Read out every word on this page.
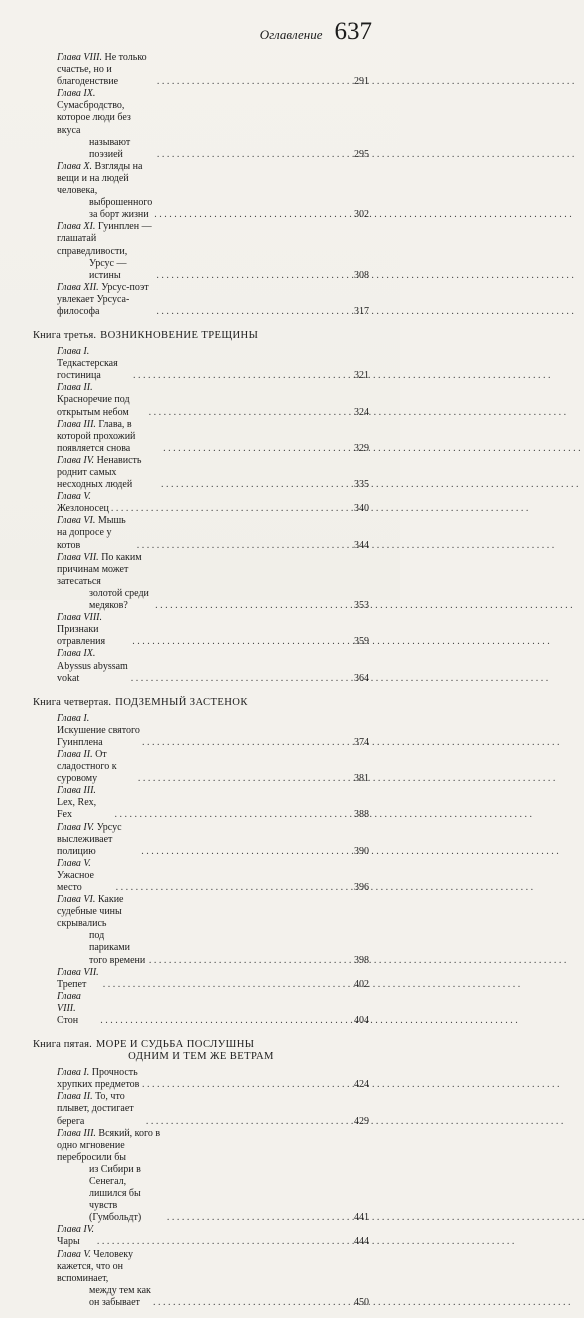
Оглавление 637
Глава VIII. Не только счастье, но и благоденствие . . .	291
Глава IX. Сумасбродство, которое люди без вкуса
называют поэзией . . .	295
Глава X. Взгляды на вещи и на людей человека,
выброшенного за борт жизни . . .	302
Глава XI. Гуинплен — глашатай справедливости,
Урсус — истины . . .	308
Глава XII. Урсус-поэт увлекает Урсуса-философа . . .	317
Книга третья. ВОЗНИКНОВЕНИЕ ТРЕЩИНЫ
Глава I. Тедкастерская гостиница . . .	321
Глава II. Красноречие под открытым небом . . .	324
Глава III. Глава, в которой прохожий появляется снова . . .	329
Глава IV. Ненависть роднит самых несходных людей . . .	335
Глава V. Жезлоносец . . .	340
Глава VI. Мышь на допросе у котов . . .	344
Глава VII. По каким причинам может затесаться
золотой среди медяков? . . .	353
Глава VIII. Признаки отравления . . .	359
Глава IX. Abyssus abyssam vokat . . .	364
Книга четвертая. ПОДЗЕМНЫЙ ЗАСТЕНОК
Глава I. Искушение святого Гуинплена . . .	374
Глава II. От сладостного к суровому . . .	381
Глава III. Lex, Rex, Fex . . .	388
Глава IV. Урсус выслеживает полицию . . .	390
Глава V. Ужасное место . . .	396
Глава VI. Какие судебные чины скрывались
под париками того времени . . .	398
Глава VII. Трепет . . .	402
Глава VIII. Стон . . .	404
Книга пятая. МОРЕ И СУДЬБА ПОСЛУШНЫ
ОДНИМ И ТЕМ ЖЕ ВЕТРАМ
Глава I. Прочность хрупких предметов . . .	424
Глава II. То, что плывет, достигает берега . . .	429
Глава III. Всякий, кого в одно мгновение перебросили бы
из Сибири в Сенегал, лишился бы чувств
(Гумбольдт) . . .	441
Глава IV. Чары . . .	444
Глава V. Человеку кажется, что он вспоминает,
между тем как он забывает . . .	450
